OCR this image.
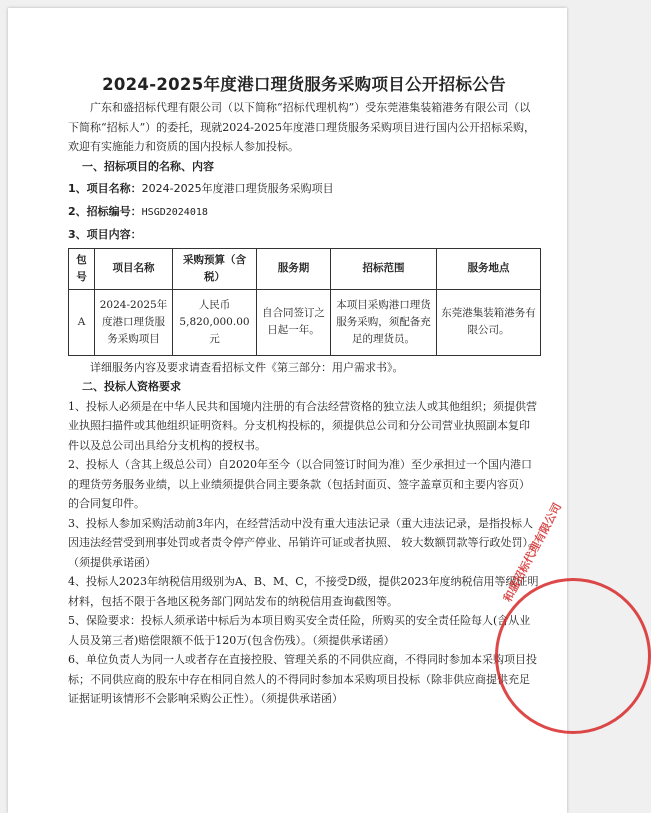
2024-2025年度港口理货服务采购项目公开招标公告

广东和盛招标代理有限公司（以下简称“招标代理机构”）受东莞港集装箱港务有限公司（以下简称“招标人”）的委托，现就2024-2025年度港口理货服务采购项目进行国内公开招标采购，欢迎有实施能力和资质的国内投标人参加投标。

一、招标项目的名称、内容

1、项目名称：2024-2025年度港口理货服务采购项目

2、招标编号：HSGD2024018

3、项目内容：

包号	项目名称	采购预算（含税）	服务期	招标范围	服务地点
A	2024-2025年度港口理货服务采购项目	人民币5,820,000.00元	自合同签订之日起一年。	本项目采购港口理货服务采购，须配备充足的理货员。	东莞港集装箱港务有限公司。

详细服务内容及要求请查看招标文件《第三部分：用户需求书》。

二、投标人资格要求

1、投标人必须是在中华人民共和国境内注册的有合法经营资格的独立法人或其他组织；须提供营业执照扫描件或其他组织证明资料。分支机构投标的，须提供总公司和分公司营业执照副本复印件以及总公司出具给分支机构的授权书。

2、投标人（含其上级总公司）自2020年至今（以合同签订时间为准）至少承担过一个国内港口的理货劳务服务业绩，以上业绩须提供合同主要条款（包括封面页、签字盖章页和主要内容页）的合同复印件。

3、投标人参加采购活动前3年内，在经营活动中没有重大违法记录（重大违法记录，是指投标人因违法经营受到刑事处罚或者责令停产停业、吊销许可证或者执照、 较大数额罚款等行政处罚）。（须提供承诺函）

4、投标人2023年纳税信用级别为A、B、M、C，不接受D级，提供2023年度纳税信用等级证明材料，包括不限于各地区税务部门网站发布的纳税信用查询截图等。

5、保险要求：投标人须承诺中标后为本项目购买安全责任险，所购买的安全责任险每人(含从业人员及第三者)赔偿限额不低于120万(包含伤残）。（须提供承诺函）

6、单位负责人为同一人或者存在直接控股、管理关系的不同供应商，不得同时参加本采购项目投标；不同供应商的股东中存在相同自然人的不得同时参加本采购项目投标（除非供应商提供充足证据证明该情形不会影响采购公正性）。（须提供承诺函）

和盛招标代理有限公司
